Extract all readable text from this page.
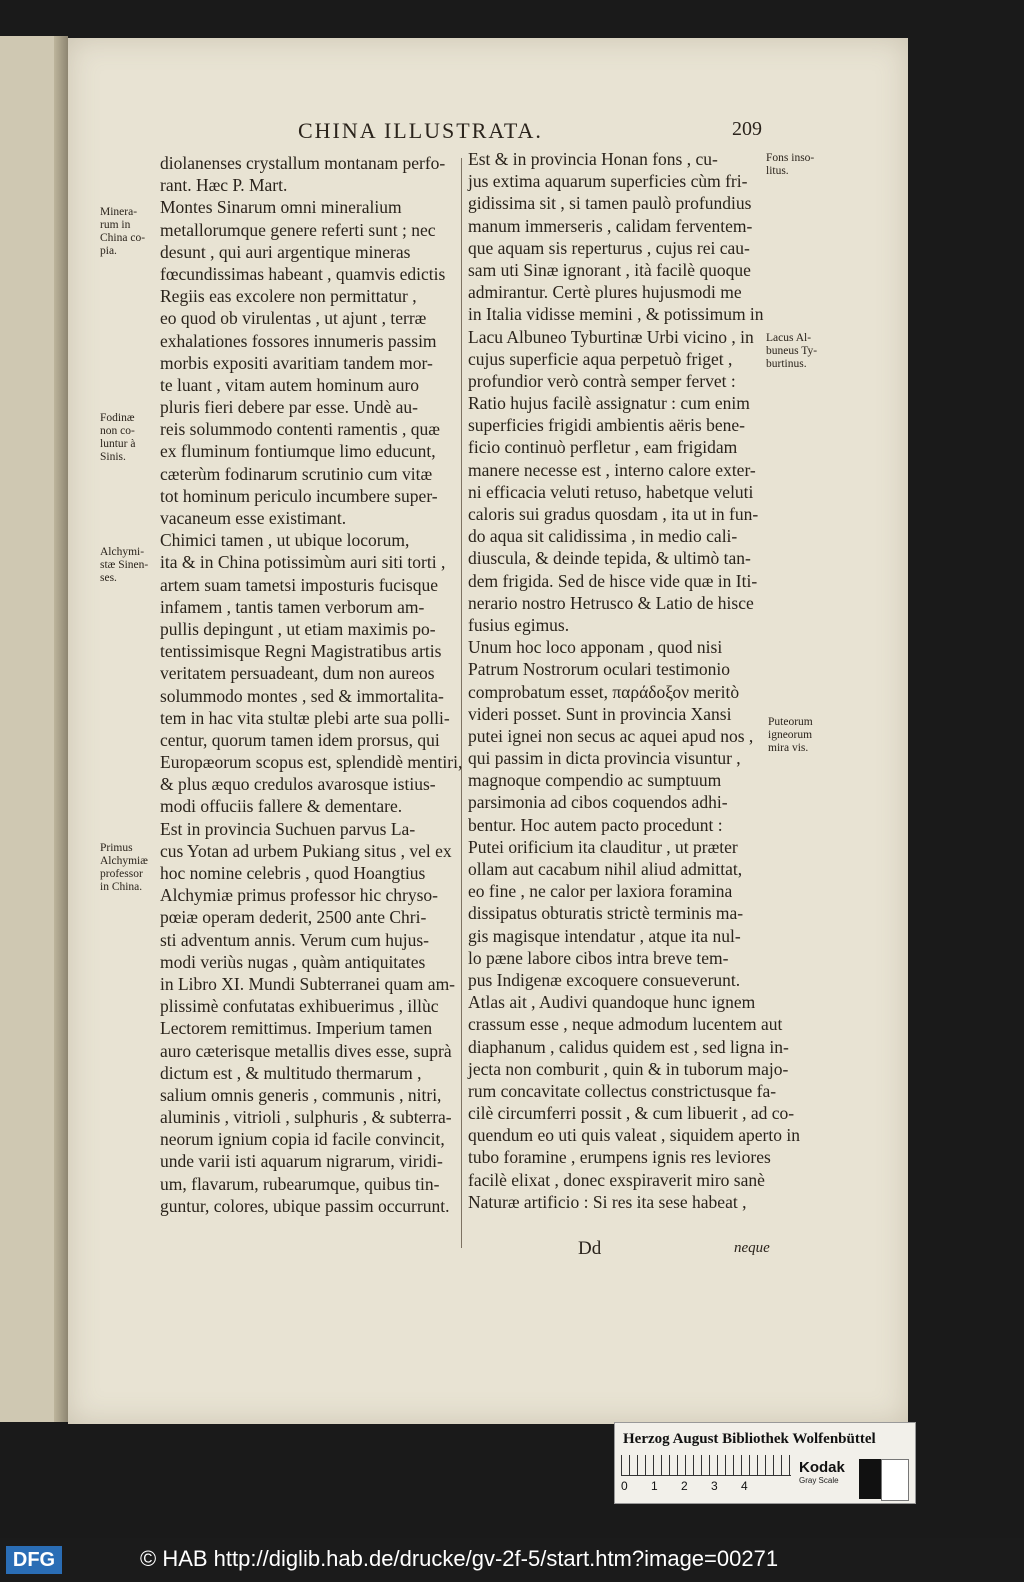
CHINA ILLUSTRATA.	209
diolanenses crystallum montanam perfo-
rant. Hæc P. Mart.
Montes Sinarum omni mineralium
metallorumque genere referti sunt ; nec
desunt , qui auri argentique mineras
fœcundissimas habeant , quamvis edictis
Regiis eas excolere non permittatur ,
eo quod ob virulentas , ut ajunt , terræ
exhalationes fossores innumeris passim
morbis expositi avaritiam tandem mor-
te luant , vitam autem hominum auro
pluris fieri debere par esse. Undè au-
reis solummodo contenti ramentis , quæ
ex fluminum fontiumque limo educunt,
cæterùm fodinarum scrutinio cum vitæ
tot hominum periculo incumbere super-
vacaneum esse existimant.
Chimici tamen , ut ubique locorum,
ita & in China potissimùm auri siti torti ,
artem suam tametsi imposturis fucisque
infamem , tantis tamen verborum am-
pullis depingunt , ut etiam maximis po-
tentissimisque Regni Magistratibus artis
veritatem persuadeant, dum non aureos
solummodo montes , sed & immortalita-
tem in hac vita stultæ plebi arte sua polli-
centur, quorum tamen idem prorsus, qui
Europæorum scopus est, splendidè mentiri,
& plus æquo credulos avarosque istius-
modi offuciis fallere & dementare.
Est in provincia Suchuen parvus La-
cus Yotan ad urbem Pukiang situs , vel ex
hoc nomine celebris , quod Hoangtius
Alchymiæ primus professor hic chryso-
pœiæ operam dederit, 2500 ante Chri-
sti adventum annis. Verum cum hujus-
modi veriùs nugas , quàm antiquitates
in Libro XI. Mundi Subterranei quam am-
plissimè confutatas exhibuerimus , illùc
Lectorem remittimus. Imperium tamen
auro cæterisque metallis dives esse, suprà
dictum est , & multitudo thermarum ,
salium omnis generis , communis , nitri,
aluminis , vitrioli , sulphuris , & subterra-
neorum ignium copia id facile convincit,
unde varii isti aquarum nigrarum, viridi-
um, flavarum, rubearumque, quibus tin-
guntur, colores, ubique passim occurrunt.
Est & in provincia Honan fons , cu-
jus extima aquarum superficies cùm fri-
gidissima sit , si tamen paulò profundius
manum immerseris , calidam ferventem-
que aquam sis reperturus , cujus rei cau-
sam uti Sinæ ignorant , ità facilè quoque
admirantur. Certè plures hujusmodi me
in Italia vidisse memini , & potissimum in
Lacu Albuneo Tyburtinæ Urbi vicino , in
cujus superficie aqua perpetuò friget ,
profundior verò contrà semper fervet :
Ratio hujus facilè assignatur : cum enim
superficies frigidi ambientis aëris bene-
ficio continuò perfletur , eam frigidam
manere necesse est , interno calore exter-
ni efficacia veluti retuso, habetque veluti
caloris sui gradus quosdam , ita ut in fun-
do aqua sit calidissima , in medio cali-
diuscula, & deinde tepida, & ultimò tan-
dem frigida. Sed de hisce vide quæ in Iti-
nerario nostro Hetrusco & Latio de hisce
fusius egimus.
Unum hoc loco apponam , quod nisi
Patrum Nostrorum oculari testimonio
comprobatum esset, παράδοξον meritò
videri posset. Sunt in provincia Xansi
putei ignei non secus ac aquei apud nos ,
qui passim in dicta provincia visuntur ,
magnoque compendio ac sumptuum
parsimonia ad cibos coquendos adhi-
bentur. Hoc autem pacto procedunt :
Putei orificium ita clauditur , ut præter
ollam aut cacabum nihil aliud admittat,
eo fine , ne calor per laxiora foramina
dissipatus obturatis strictè terminis ma-
gis magisque intendatur , atque ita nul-
lo pæne labore cibos intra breve tem-
pus Indigenæ excoquere consueverunt.
Atlas ait , Audivi quandoque hunc ignem
crassum esse , neque admodum lucentem aut
diaphanum , calidus quidem est , sed ligna in-
jecta non comburit , quin & in tuborum majo-
rum concavitate collectus constrictusque fa-
cilè circumferri possit , & cum libuerit , ad co-
quendum eo uti quis valeat , siquidem aperto in
tubo foramine , erumpens ignis res leviores
facilè elixat , donec exspiraverit miro sanè
Naturæ artificio : Si res ita sese habeat ,
Minera-
rum in
China co-
pia.
Fodinæ
non co-
luntur à
Sinis.
Alchymi-
stæ Sinen-
ses.
Primus
Alchymiæ
professor
in China.
Fons inso-
litus.
Lacus Al-
buneus Ty-
burtinus.
Puteorum
igneorum
mira vis.
Dd	neque
Herzog August Bibliothek Wolfenbüttel
0 1 2 3 4
Kodak
Gray Scale
DFG	© HAB http://diglib.hab.de/drucke/gv-2f-5/start.htm?image=00271
